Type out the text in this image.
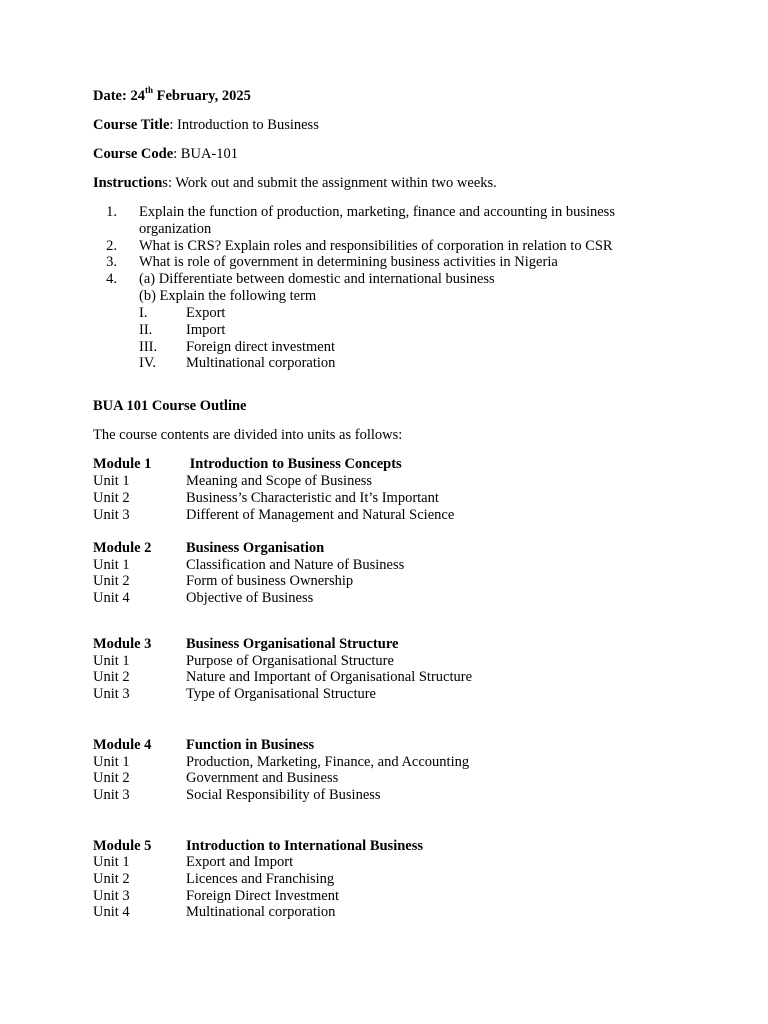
Date: 24th February, 2025
Course Title: Introduction to Business
Course Code: BUA-101
Instructions: Work out and submit the assignment within two weeks.
1. Explain the function of production, marketing, finance and accounting in business
organization
2. What is CRS? Explain roles and responsibilities of corporation in relation to CSR
3. What is role of government in determining business activities in Nigeria
4. (a) Differentiate between domestic and international business
(b) Explain the following term
I.	Export
II. Import
III. Foreign direct investment
IV. Multinational corporation
BUA 101 Course Outline
The course contents are divided into units as follows:
Module 1 Introduction to Business Concepts
Unit 1	Meaning and Scope of Business
Unit 2	Business’s Characteristic and It’s Important
Unit 3	Different of Management and Natural Science
Module 2 Business Organisation
Unit 1	Classification and Nature of Business
Unit 2	Form of business Ownership
Unit 4	Objective of Business
Module 3 Business Organisational Structure
Unit 1	Purpose of Organisational Structure
Unit 2	Nature and Important of Organisational Structure
Unit 3	Type of Organisational Structure
Module 4 Function in Business
Unit 1	Production, Marketing, Finance, and Accounting
Unit 2	Government and Business
Unit 3	Social Responsibility of Business
Module 5 Introduction to International Business
Unit 1	Export and Import
Unit 2	Licences and Franchising
Unit 3	Foreign Direct Investment
Unit 4	Multinational corporation
